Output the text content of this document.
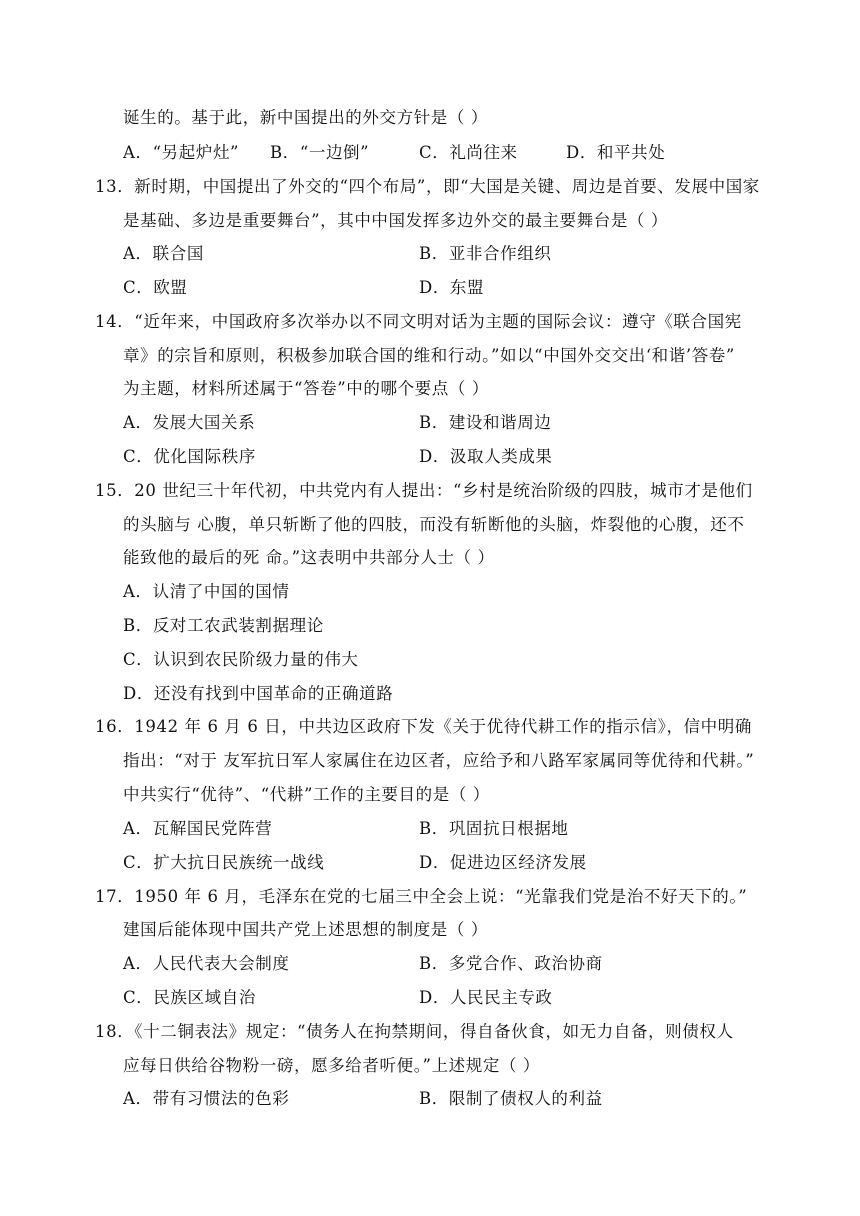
诞生的。基于此，新中国提出的外交方针是（ ）
A．“另起炉灶” B．“一边倒”	C．礼尚往来	D．和平共处
13．新时期，中国提出了外交的“四个布局”，即“大国是关键、周边是首要、发展中国家
是基础、多边是重要舞台”，其中中国发挥多边外交的最主要舞台是（ ）
A．联合国	B．亚非合作组织
C．欧盟	D．东盟
14．“近年来，中国政府多次举办以不同文明对话为主题的国际会议：遵守《联合国宪
章》的宗旨和原则，积极参加联合国的维和行动。”如以“中国外交交出‘和谐’答卷”
为主题，材料所述属于“答卷”中的哪个要点（ ）
A．发展大国关系	B．建设和谐周边
C．优化国际秩序	D．汲取人类成果
15．20 世纪三十年代初，中共党内有人提出：“乡村是统治阶级的四肢，城市才是他们
的头脑与 心腹，单只斩断了他的四肢，而没有斩断他的头脑，炸裂他的心腹，还不
能致他的最后的死 命。”这表明中共部分人士（ ）
A．认清了中国的国情
B．反对工农武装割据理论
C．认识到农民阶级力量的伟大
D．还没有找到中国革命的正确道路
16．1942 年 6 月 6 日，中共边区政府下发《关于优待代耕工作的指示信》，信中明确
指出：“对于 友军抗日军人家属住在边区者，应给予和八路军家属同等优待和代耕。”
中共实行“优待”、“代耕”工作的主要目的是（ ）
A．瓦解国民党阵营	B．巩固抗日根据地
C．扩大抗日民族统一战线	D．促进边区经济发展
17．1950 年 6 月，毛泽东在党的七届三中全会上说：“光靠我们党是治不好天下的。”
建国后能体现中国共产党上述思想的制度是（ ）
A．人民代表大会制度	B．多党合作、政治协商
C．民族区域自治	D．人民民主专政
18．《十二铜表法》规定：“债务人在拘禁期间，得自备伙食，如无力自备，则债权人
应每日供给谷物粉一磅，愿多给者听便。”上述规定（ ）
A．带有习惯法的色彩	B．限制了债权人的利益
